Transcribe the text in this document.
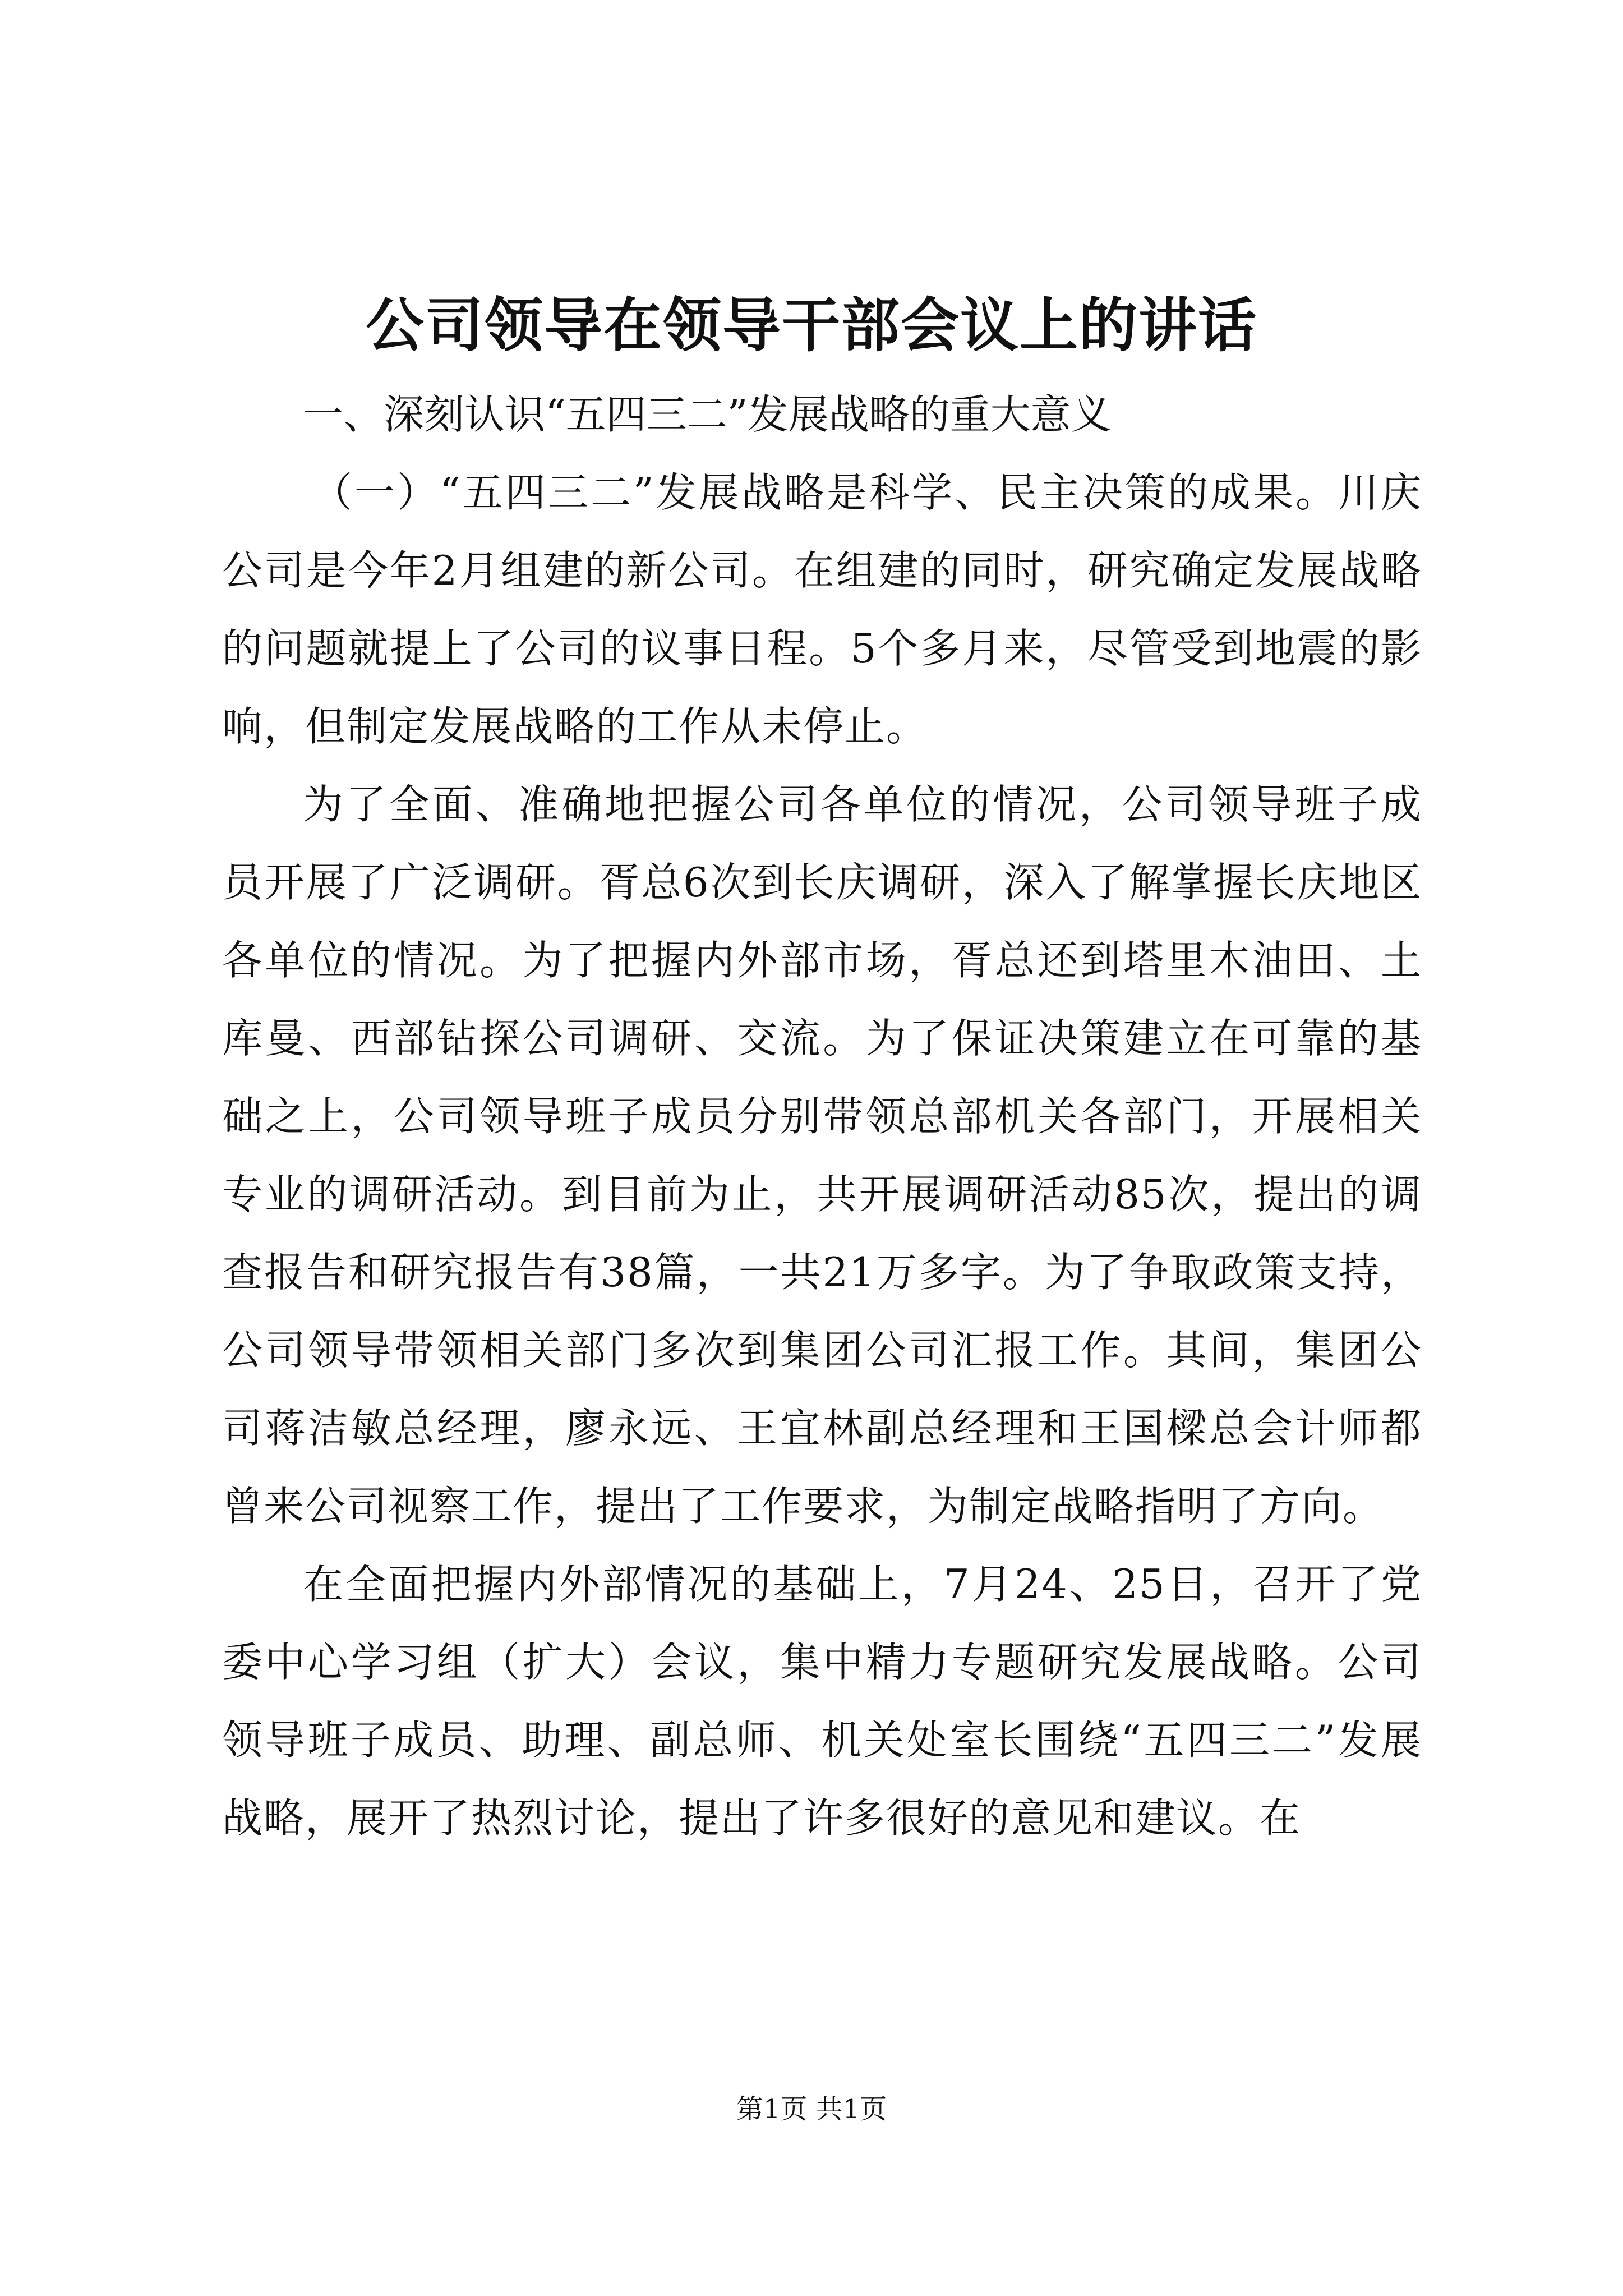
公司领导在领导干部会议上的讲话

一、深刻认识“五四三二”发展战略的重大意义

（一）“五四三二”发展战略是科学、民主决策的成果。川庆公司是今年2月组建的新公司。在组建的同时，研究确定发展战略的问题就提上了公司的议事日程。5个多月来，尽管受到地震的影响，但制定发展战略的工作从未停止。

为了全面、准确地把握公司各单位的情况，公司领导班子成员开展了广泛调研。胥总6次到长庆调研，深入了解掌握长庆地区各单位的情况。为了把握内外部市场，胥总还到塔里木油田、土库曼、西部钻探公司调研、交流。为了保证决策建立在可靠的基础之上，公司领导班子成员分别带领总部机关各部门，开展相关专业的调研活动。到目前为止，共开展调研活动85次，提出的调查报告和研究报告有38篇，一共21万多字。为了争取政策支持，公司领导带领相关部门多次到集团公司汇报工作。其间，集团公司蒋洁敏总经理，廖永远、王宜林副总经理和王国樑总会计师都曾来公司视察工作，提出了工作要求，为制定战略指明了方向。

在全面把握内外部情况的基础上，7月24、25日，召开了党委中心学习组（扩大）会议，集中精力专题研究发展战略。公司领导班子成员、助理、副总师、机关处室长围绕“五四三二”发展战略，展开了热烈讨论，提出了许多很好的意见和建议。在

第1页 共1页
